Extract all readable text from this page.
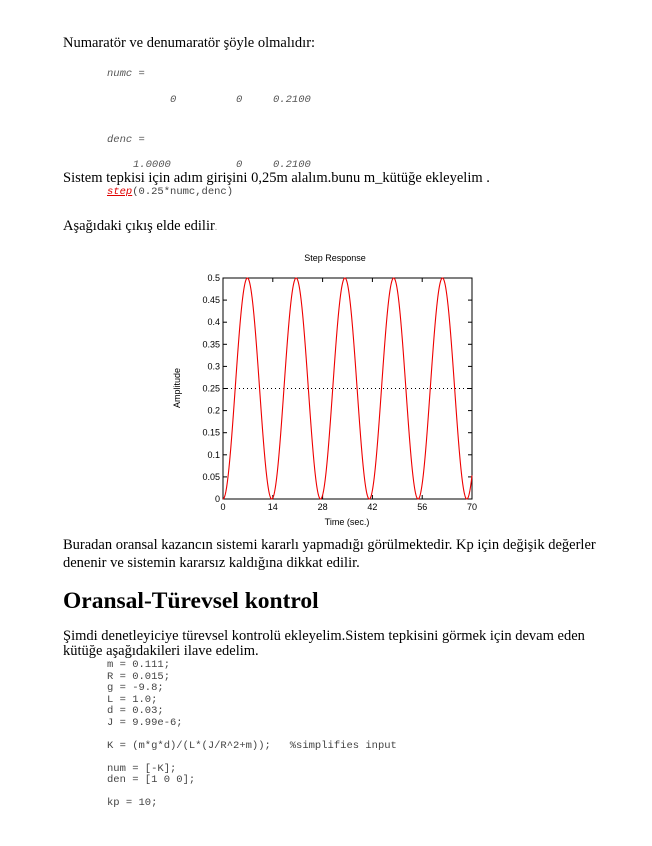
Numaratör ve denumaratör şöyle olmalıdır:
numc =
0	0	0.2100
denc =
1.0000	0	0.2100
Sistem tepkisi için adım girişini 0,25m alalım.bunu m_kütüğe ekleyelim .
step(0.25*numc,denc)
Aşağıdaki çıkış elde edilir.
Step Response
0
0.05
0.1
0.15
0.2
0.25
0.3
0.35
0.4
0.45
0.5
0	14	28	42	56	70
Time (sec.)
Amplitude
Buradan oransal kazancın sistemi kararlı yapmadığı görülmektedir. Kp için değişik değerler
denenir ve sistemin kararsız kaldığına dikkat edilir.
Oransal-Türevsel kontrol
Şimdi denetleyiciye türevsel kontrolü ekleyelim.Sistem tepkisini görmek için devam eden
kütüğe aşağıdakileri ilave edelim.
m = 0.111;
R = 0.015;
g = -9.8;
L = 1.0;
d = 0.03;
J = 9.99e-6;
K = (m*g*d)/(L*(J/R^2+m));   %simplifies input
num = [-K];
den = [1 0 0];
kp = 10;
